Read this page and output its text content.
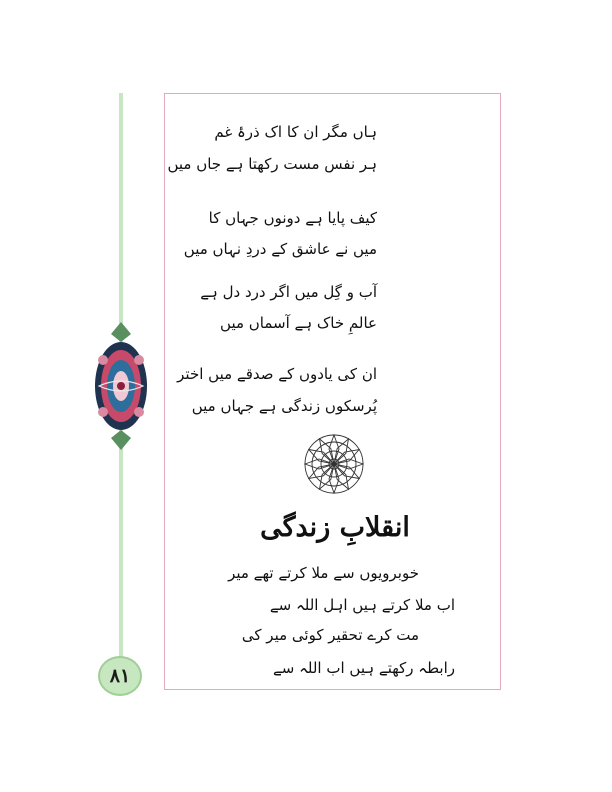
۸۱
ہاں مگر ان کا اک ذرۂ غم
ہر نفس مست رکھتا ہے جاں میں
کیف پایا ہے دونوں جہاں کا
میں نے عاشق کے دردِ نہاں میں
آب و گِل میں اگر درد دل ہے
عالمِ خاک ہے آسماں میں
ان کی یادوں کے صدقے میں اختر
پُرسکوں زندگی ہے جہاں میں
انقلابِ زندگی
خوبرویوں سے ملا کرتے تھے میر
اب ملا کرتے ہیں اہل اللہ سے
مت کرے تحقیر کوئی میر کی
رابطہ رکھتے ہیں اب اللہ سے
